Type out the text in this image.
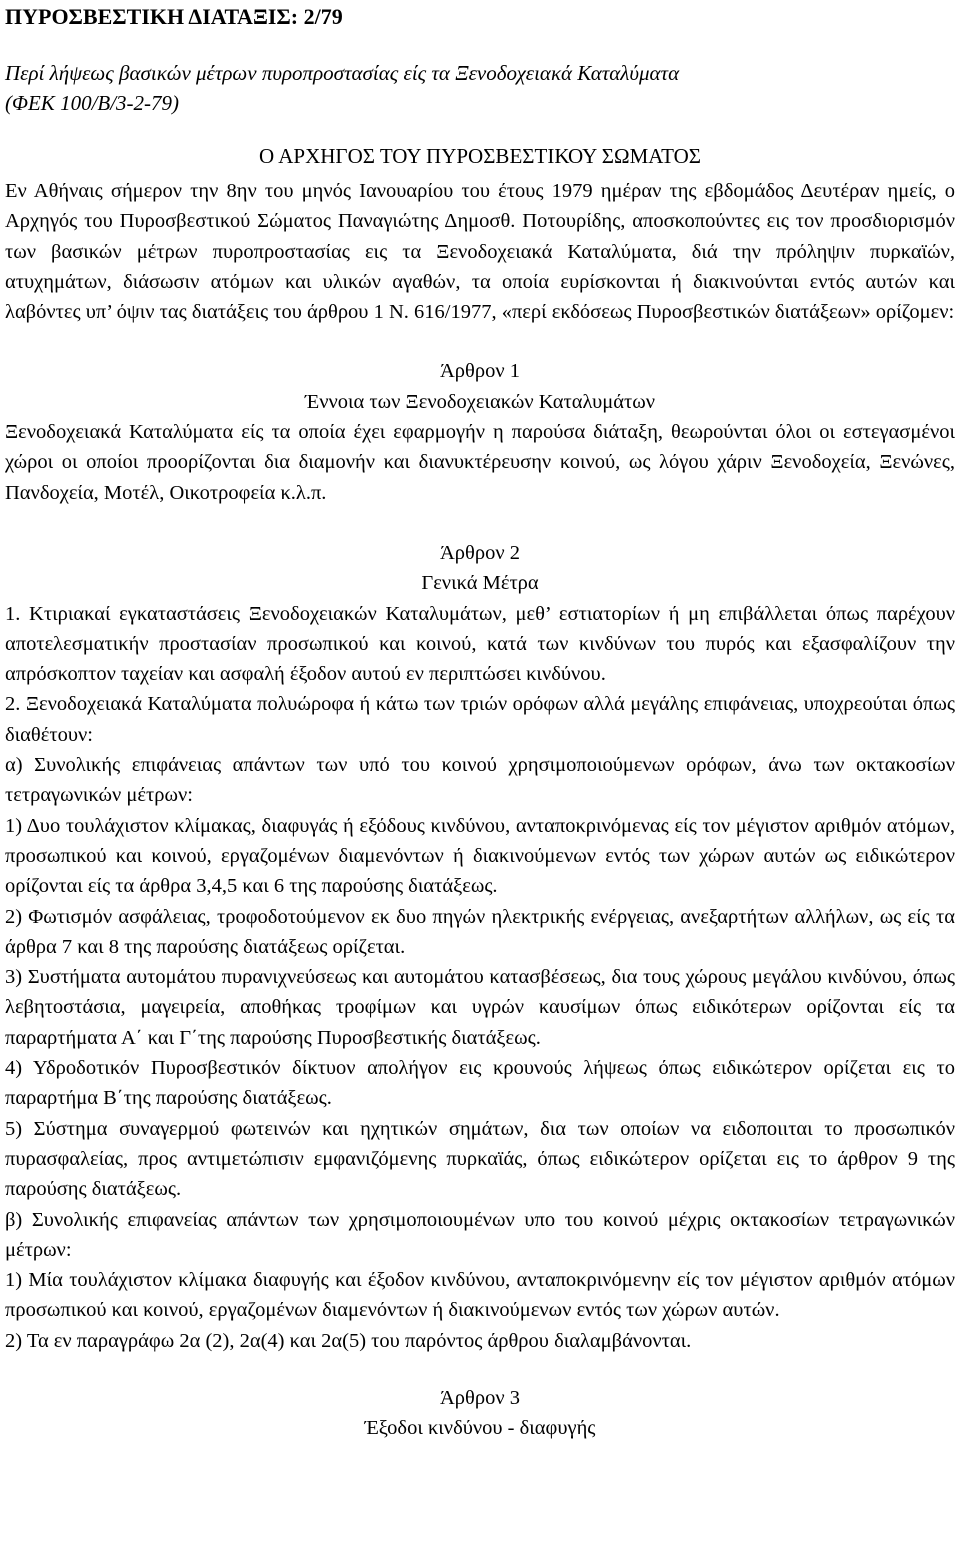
ΠΥΡΟΣΒΕΣΤΙΚΗ ΔΙΑΤΑΞΙΣ: 2/79

Περί λήψεως βασικών μέτρων πυροπροστασίας είς τα Ξενοδοχειακά Καταλύματα

(ΦΕΚ 100/Β/3-2-79)

Ο ΑΡΧΗΓΟΣ ΤΟΥ ΠΥΡΟΣΒΕΣΤΙΚΟΥ ΣΩΜΑΤΟΣ

Εν Αθήναις σήμερον την 8ην του μηνός Ιανουαρίου του έτους 1979 ημέραν της εβδομάδος Δευτέραν ημείς, ο Αρχηγός του Πυροσβεστικού Σώματος Παναγιώτης Δημοσθ. Ποτουρίδης, αποσκοπούντες εις τον προσδιορισμόν των βασικών μέτρων πυροπροστασίας εις τα Ξενοδοχειακά Καταλύματα, διά την πρόληψιν πυρκαϊών, ατυχημάτων, διάσωσιν ατόμων και υλικών αγαθών, τα οποία ευρίσκονται ή διακινούνται εντός αυτών και λαβόντες υπ’ όψιν τας διατάξεις του άρθρου 1 Ν. 616/1977, «περί εκδόσεως Πυροσβεστικών διατάξεων» ορίζομεν:

Άρθρον 1

Έννοια των Ξενοδοχειακών Καταλυμάτων

Ξενοδοχειακά Καταλύματα είς τα οποία έχει εφαρμογήν η παρούσα διάταξη, θεωρούνται όλοι οι εστεγασμένοι χώροι οι οποίοι προορίζονται δια διαμονήν και διανυκτέρευσην κοινού, ως λόγου χάριν Ξενοδοχεία, Ξενώνες, Πανδοχεία, Μοτέλ, Οικοτροφεία κ.λ.π.

Άρθρον 2

Γενικά Μέτρα

1. Κτιριακαί εγκαταστάσεις Ξενοδοχειακών Καταλυμάτων, μεθ’ εστιατορίων ή μη επιβάλλεται όπως παρέχουν αποτελεσματικήν προστασίαν προσωπικού και κοινού, κατά των κινδύνων του πυρός και εξασφαλίζουν την απρόσκοπτον ταχείαν και ασφαλή έξοδον αυτού εν περιπτώσει κινδύνου.

2. Ξενοδοχειακά Καταλύματα πολυώροφα ή κάτω των τριών ορόφων αλλά μεγάλης επιφάνειας, υποχρεούται όπως διαθέτουν:

α) Συνολικής επιφάνειας απάντων των υπό του κοινού χρησιμοποιούμενων ορόφων, άνω των οκτακοσίων τετραγωνικών μέτρων:

1) Δυο τουλάχιστον κλίμακας, διαφυγάς ή εξόδους κινδύνου, ανταποκρινόμενας είς τον μέγιστον αριθμόν ατόμων, προσωπικού και κοινού, εργαζομένων διαμενόντων ή διακινούμενων εντός των χώρων αυτών ως ειδικώτερον ορίζονται είς τα άρθρα 3,4,5 και 6 της παρούσης διατάξεως.

2) Φωτισμόν ασφάλειας, τροφοδοτούμενον εκ δυο πηγών ηλεκτρικής ενέργειας, ανεξαρτήτων αλλήλων, ως είς τα άρθρα 7 και 8 της παρούσης διατάξεως ορίζεται.

3) Συστήματα αυτομάτου πυρανιχνεύσεως και αυτομάτου κατασβέσεως, δια τους χώρους μεγάλου κινδύνου, όπως λεβητοστάσια, μαγειρεία, αποθήκας τροφίμων και υγρών καυσίμων όπως ειδικότερων ορίζονται είς τα παραρτήματα Α΄ και Γ΄της παρούσης Πυροσβεστικής διατάξεως.

4) Υδροδοτικόν Πυροσβεστικόν δίκτυον απολήγον εις κρουνούς λήψεως όπως ειδικώτερον ορίζεται εις το παραρτήμα Β΄της παρούσης διατάξεως.

5) Σύστημα συναγερμού φωτεινών και ηχητικών σημάτων, δια των οποίων να ειδοποιιται το προσωπικόν πυρασφαλείας, προς αντιμετώπισιν εμφανιζόμενης πυρκαϊάς, όπως ειδικώτερον ορίζεται εις το άρθρον 9 της παρούσης διατάξεως.

β) Συνολικής επιφανείας απάντων των χρησιμοποιουμένων υπο του κοινού μέχρις οκτακοσίων τετραγωνικών μέτρων:

1) Μία τουλάχιστον κλίμακα διαφυγής και έξοδον κινδύνου, ανταποκρινόμενην είς τον μέγιστον αριθμόν ατόμων προσωπικού και κοινού, εργαζομένων διαμενόντων ή διακινούμενων εντός των χώρων αυτών.

2) Τα εν παραγράφω 2α (2), 2α(4) και 2α(5) του παρόντος άρθρου διαλαμβάνονται.

Άρθρον 3

Έξοδοι κινδύνου - διαφυγής
